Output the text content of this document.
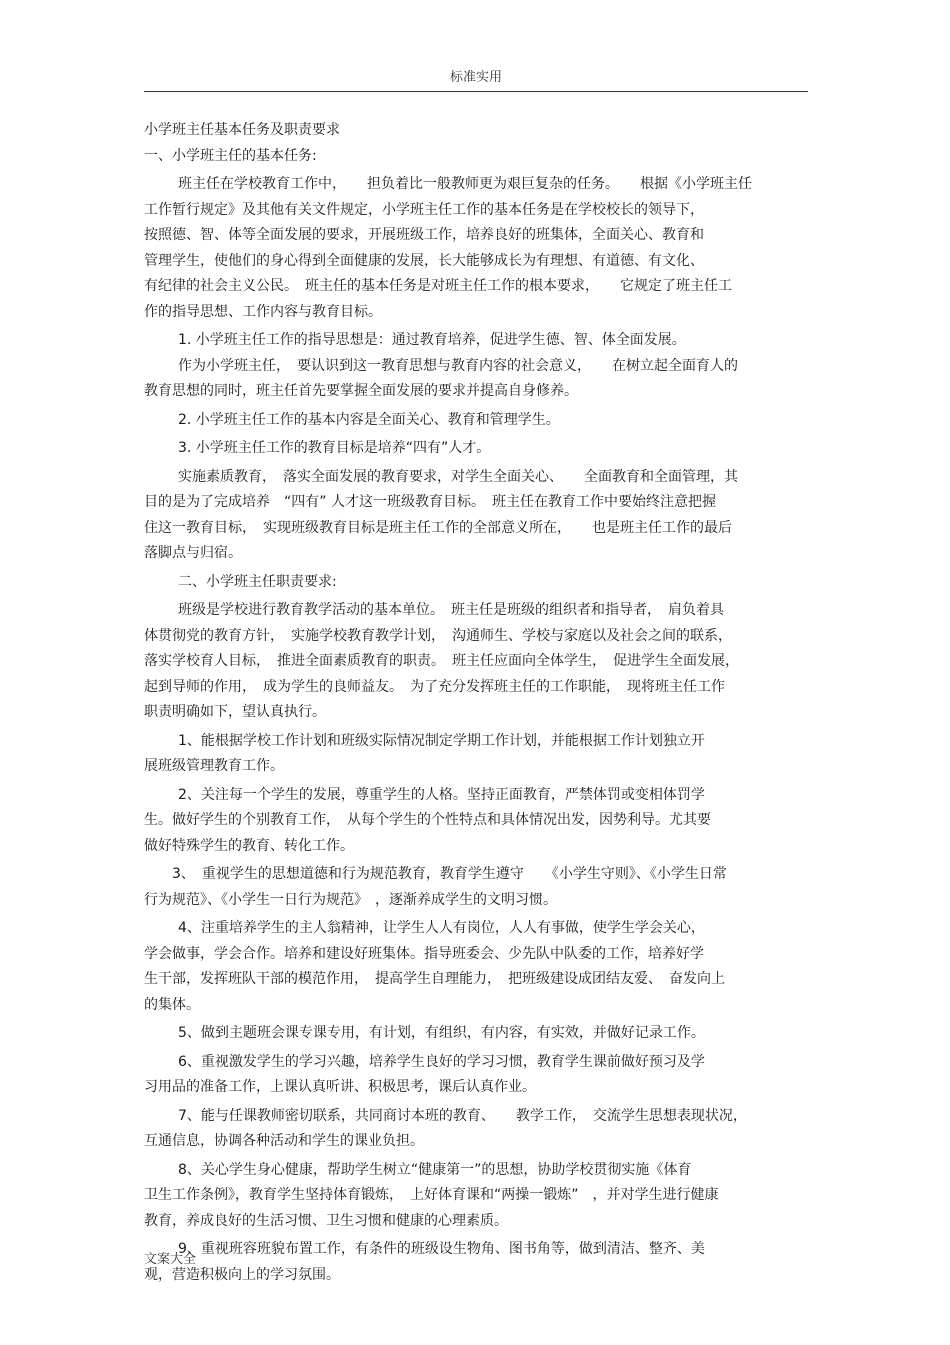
标准实用
小学班主任基本任务及职责要求
一、小学班主任的基本任务:
班主任在学校教育工作中，　　担负着比一般教师更为艰巨复杂的任务。　　根据《小学班主任
工作暂行规定》及其他有关文件规定，小学班主任工作的基本任务是在学校校长的领导下，
按照德、智、体等全面发展的要求，开展班级工作，培养良好的班集体，全面关心、教育和
管理学生，使他们的身心得到全面健康的发展，长大能够成长为有理想、有道德、有文化、
有纪律的社会主义公民。　班主任的基本任务是对班主任工作的根本要求，　　它规定了班主任工
作的指导思想、工作内容与教育目标。
1. 小学班主任工作的指导思想是：通过教育培养，促进学生德、智、体全面发展。
作为小学班主任，　要认识到这一教育思想与教育内容的社会意义，　　在树立起全面育人的
教育思想的同时，班主任首先要掌握全面发展的要求并提高自身修养。
2. 小学班主任工作的基本内容是全面关心、教育和管理学生。
3. 小学班主任工作的教育目标是培养“四有”人才。
实施素质教育，　落实全面发展的教育要求，对学生全面关心、　　全面教育和全面管理，其
目的是为了完成培养　“四有” 人才这一班级教育目标。　班主任在教育工作中要始终注意把握
住这一教育目标，　实现班级教育目标是班主任工作的全部意义所在，　　也是班主任工作的最后
落脚点与归宿。
二、小学班主任职责要求:
班级是学校进行教育教学活动的基本单位。　班主任是班级的组织者和指导者，　肩负着具
体贯彻党的教育方针，　实施学校教育教学计划，　沟通师生、学校与家庭以及社会之间的联系，
落实学校育人目标，　推进全面素质教育的职责。　班主任应面向全体学生，　促进学生全面发展，
起到导师的作用，　成为学生的良师益友。　为了充分发挥班主任的工作职能，　现将班主任工作
职责明确如下，望认真执行。
1、能根据学校工作计划和班级实际情况制定学期工作计划，并能根据工作计划独立开
展班级管理教育工作。
2、关注每一个学生的发展，尊重学生的人格。坚持正面教育，严禁体罚或变相体罚学
生。做好学生的个别教育工作，　从每个学生的个性特点和具体情况出发，因势利导。尤其要
做好特殊学生的教育、转化工作。
3、　重视学生的思想道德和行为规范教育，教育学生遵守　　《小学生守则》、《小学生日常
行为规范》、《小学生一日行为规范》　，逐渐养成学生的文明习惯。
4、注重培养学生的主人翁精神，让学生人人有岗位，人人有事做，使学生学会关心，
学会做事，学会合作。培养和建设好班集体。指导班委会、少先队中队委的工作，培养好学
生干部，发挥班队干部的模范作用，　提高学生自理能力，　把班级建设成团结友爱、　奋发向上
的集体。
5、做到主题班会课专课专用，有计划，有组织，有内容，有实效，并做好记录工作。
6、重视激发学生的学习兴趣，培养学生良好的学习习惯，教育学生课前做好预习及学
习用品的准备工作，上课认真听讲、积极思考，课后认真作业。
7、能与任课教师密切联系，共同商讨本班的教育、　　教学工作，　交流学生思想表现状况，
互通信息，协调各种活动和学生的课业负担。
8、关心学生身心健康，帮助学生树立“健康第一”的思想，协助学校贯彻实施《体育
卫生工作条例》，教育学生坚持体育锻炼，　上好体育课和“两操一锻炼”　，并对学生进行健康
教育，养成良好的生活习惯、卫生习惯和健康的心理素质。
9、重视班容班貌布置工作，有条件的班级设生物角、图书角等，做到清洁、整齐、美
观，营造积极向上的学习氛围。
文案大全
